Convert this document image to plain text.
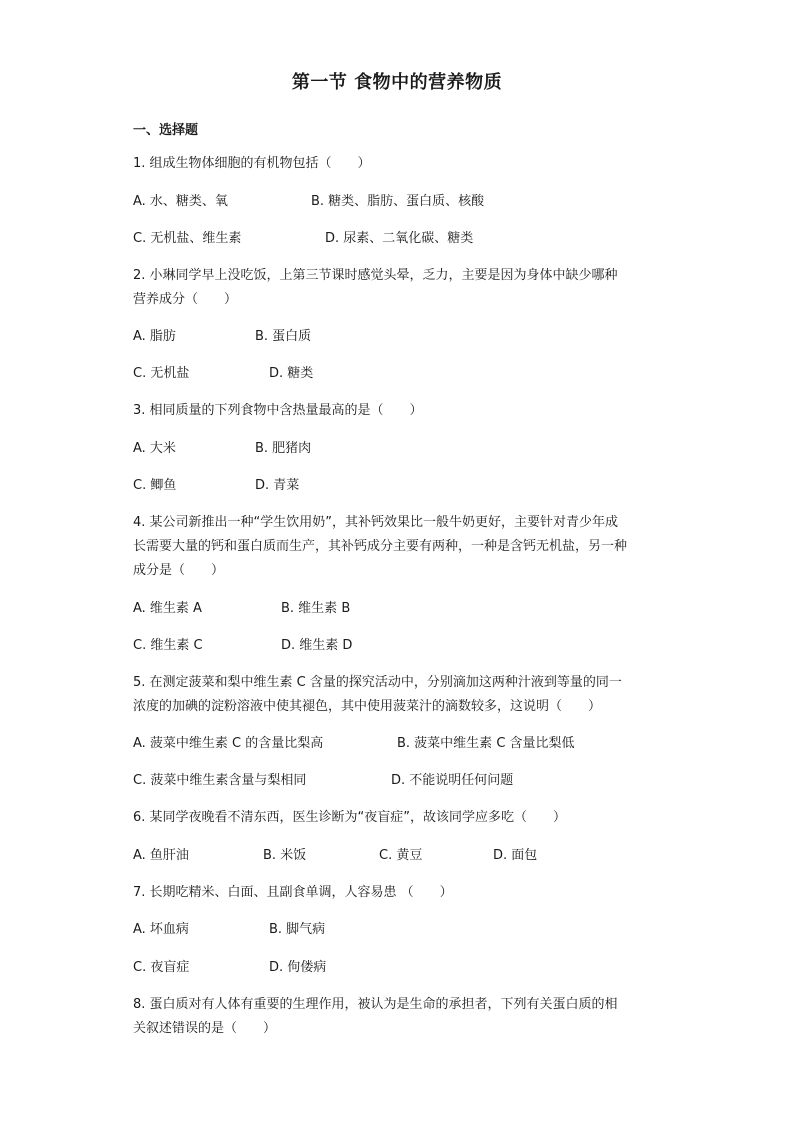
第一节 食物中的营养物质
一、选择题
1. 组成生物体细胞的有机物包括（　　）
A. 水、糖类、氧	B. 糖类、脂肪、蛋白质、核酸
C. 无机盐、维生素	D. 尿素、二氧化碳、糖类
2. 小琳同学早上没吃饭，上第三节课时感觉头晕，乏力，主要是因为身体中缺少哪种
营养成分（　　）
A. 脂肪	B. 蛋白质
C. 无机盐	D. 糖类
3. 相同质量的下列食物中含热量最高的是（　　）
A. 大米	B. 肥猪肉
C. 鲫鱼	D. 青菜
4. 某公司新推出一种“学生饮用奶”，其补钙效果比一般牛奶更好，主要针对青少年成
长需要大量的钙和蛋白质而生产，其补钙成分主要有两种，一种是含钙无机盐，另一种
成分是（　　）
A. 维生素 A	B. 维生素 B
C. 维生素 C	D. 维生素 D
5. 在测定菠菜和梨中维生素 C 含量的探究活动中，分别滴加这两种汁液到等量的同一
浓度的加碘的淀粉溶液中使其褪色，其中使用菠菜汁的滴数较多，这说明（　　）
A. 菠菜中维生素 C 的含量比梨高	B. 菠菜中维生素 C 含量比梨低
C. 菠菜中维生素含量与梨相同	D. 不能说明任何问题
6. 某同学夜晚看不清东西，医生诊断为“夜盲症”，故该同学应多吃（　　）
A. 鱼肝油	B. 米饭	C. 黄豆	D. 面包
7. 长期吃精米、白面、且副食单调，人容易患 （　　）
A. 坏血病	B. 脚气病
C. 夜盲症	D. 佝偻病
8. 蛋白质对有人体有重要的生理作用，被认为是生命的承担者，下列有关蛋白质的相
关叙述错误的是（　　）
